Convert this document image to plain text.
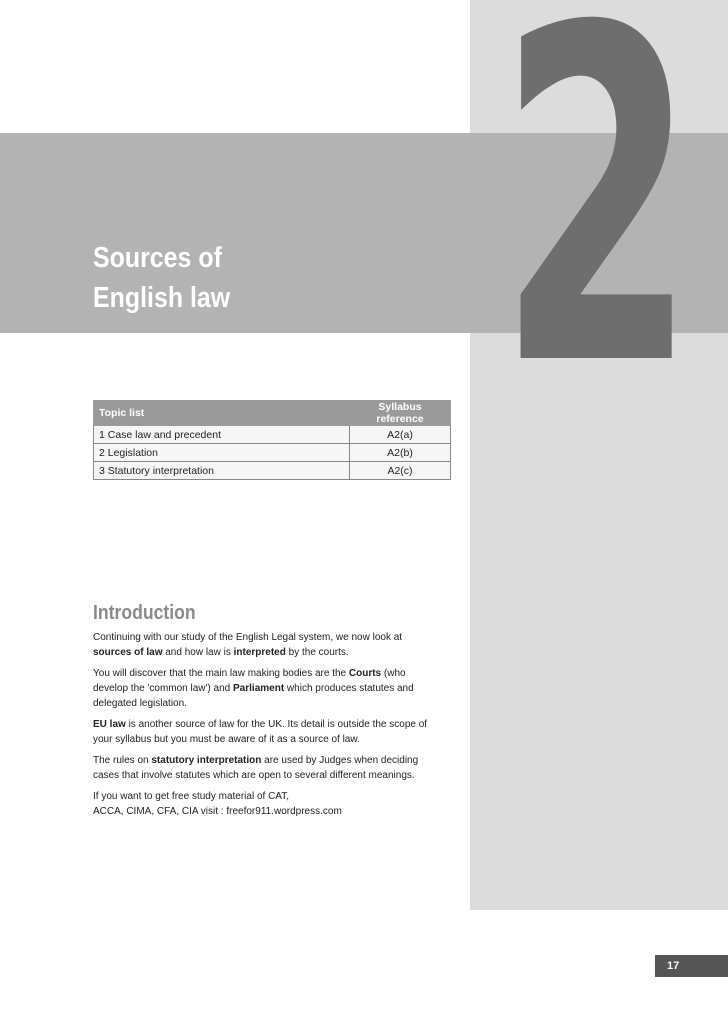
2
Sources of
English law
Topic list	Syllabus reference
1 Case law and precedent	A2(a)
2 Legislation	A2(b)
3 Statutory interpretation	A2(c)
Introduction

Continuing with our study of the English Legal system, we now look at sources of law and how law is interpreted by the courts.

You will discover that the main law making bodies are the Courts (who develop the 'common law') and Parliament which produces statutes and delegated legislation.

EU law is another source of law for the UK. Its detail is outside the scope of your syllabus but you must be aware of it as a source of law.

The rules on statutory interpretation are used by Judges when deciding cases that involve statutes which are open to several different meanings.

If you want to get free study material of CAT,
ACCA, CIMA, CFA, CIA visit : freefor911.wordpress.com

17
